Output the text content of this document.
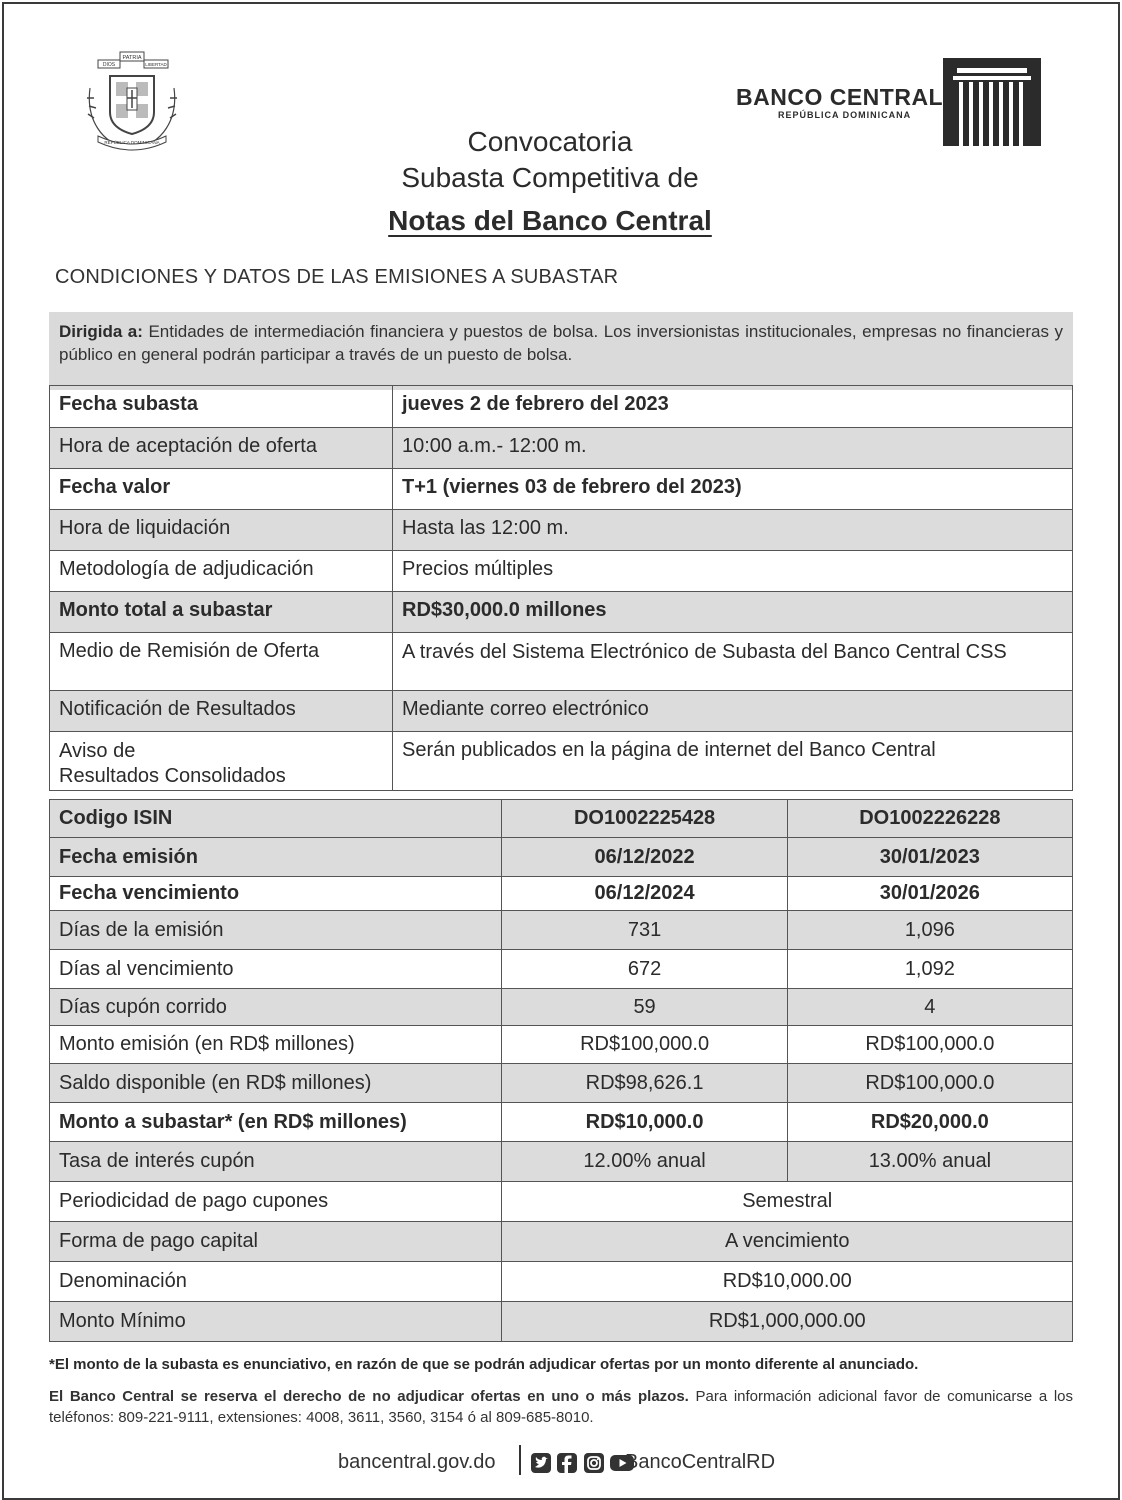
PATRIA
DIOS	LIBERTAD
REPÚBLICA DOMINICANA
BANCO CENTRAL
REPÚBLICA DOMINICANA
Convocatoria
Subasta Competitiva de
Notas del Banco Central
CONDICIONES Y DATOS DE LAS EMISIONES A SUBASTAR
Dirigida a: Entidades de intermediación financiera y puestos de bolsa. Los inversionistas institucionales, empresas no financieras y público en general podrán participar a través de un puesto de bolsa.
Fecha subasta	jueves 2 de febrero del 2023
Hora de aceptación de oferta	10:00 a.m.- 12:00 m.
Fecha valor	T+1 (viernes 03 de febrero del 2023)
Hora de liquidación	Hasta las 12:00 m.
Metodología de adjudicación	Precios múltiples
Monto total a subastar	RD$30,000.0 millones
Medio de Remisión de Oferta	A través del Sistema Electrónico de Subasta del Banco Central CSS
Notificación de Resultados	Mediante correo electrónico
Aviso de
Resultados Consolidados	Serán publicados en la página de internet del Banco Central
Codigo ISIN	DO1002225428	DO1002226228
Fecha emisión	06/12/2022	30/01/2023
Fecha vencimiento	06/12/2024	30/01/2026
Días de la emisión	731	1,096
Días al vencimiento	672	1,092
Días cupón corrido	59	4
Monto emisión (en RD$ millones)	RD$100,000.0	RD$100,000.0
Saldo disponible (en RD$ millones)	RD$98,626.1	RD$100,000.0
Monto a subastar* (en RD$ millones)	RD$10,000.0	RD$20,000.0
Tasa de interés cupón	12.00% anual	13.00% anual
Periodicidad de pago cupones	Semestral	
Forma de pago capital	A vencimiento	
Denominación	RD$10,000.00	
Monto Mínimo	RD$1,000,000.00	
*El monto de la subasta es enunciativo, en razón de que se podrán adjudicar ofertas por un monto diferente al anunciado.
El Banco Central se reserva el derecho de no adjudicar ofertas en uno o más plazos. Para información adicional favor de comunicarse a los teléfonos: 809-221-9111, extensiones: 4008, 3611, 3560, 3154 ó al 809-685-8010.
bancentral.gov.do
	BancoCentralRD
